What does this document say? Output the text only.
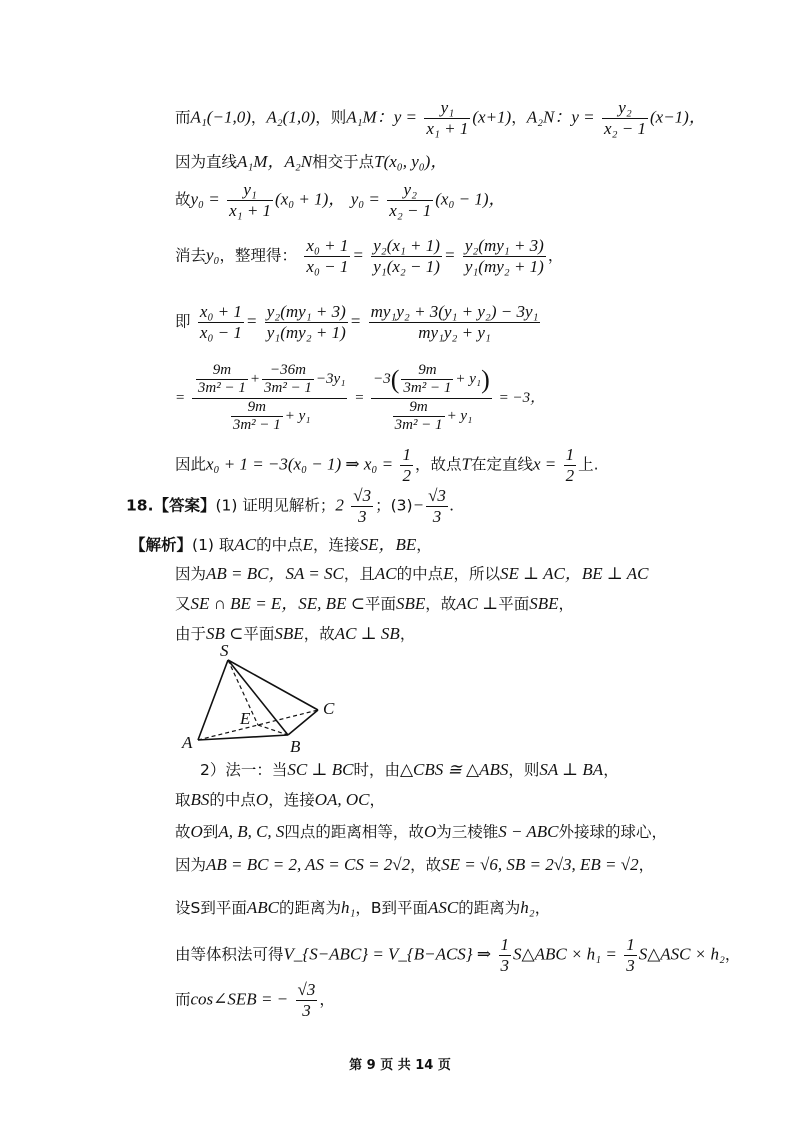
而A₁(−1,0)，A₂(1,0)，则A₁M：$y = \frac{\text{y₁}}{\text{x₁ + 1}} (x+1)$，A₂N：$y = \frac{\text{y₂}}{\text{x₂ − 1}} (x-1)$，
因为直线A₁M，A₂N相交于点T(x₀, y₀)，
故$y_0 = \frac{\text{y₁}}{\text{x₁ + 1}} (x_0 + 1)$， $y_0 = \frac{\text{y₂}}{\text{x₂ − 1}} (x_0 - 1)$，
消去y₀，整理得： $\frac{\text{x₀ + 1}}{\text{x₀ − 1}} = \frac{\text{y₂(x₁ + 1)}}{\text{y₁(x₂ − 1)}} = \frac{\text{y₂(my₁ + 3)}}{\text{y₁(my₂ + 1)}}$ ，
即 $\frac{\text{x₀ + 1}}{\text{x₀ − 1}} = \frac{\text{y₂(my₁ + 3)}}{\text{y₁(my₂ + 1)}} = \frac{\text{my₁y₂ + 3(y₁ + y₂) − 3y₁}}{\text{my₁y₂ + y₁}}$
= $\frac{\frac{9m}{\text{3m² − 1}} + \frac{-36m}{\text{3m² − 1}} -3y_1}{\frac{9m}{\text{3m² − 1}} + y_1} = \frac{-3( \frac{9m}{\text{3m² − 1}} + y_1)}{\frac{9m}{\text{3m² − 1}} + y_1} = -3$，
因此x₀ + 1 = −3(x₀ − 1) ⇒ $x_0 = \frac{1}{2}$ ，故点T在定直线$x = \frac{1}{2}$ 上.
18.【答案】(1) 证明见解析；$2 \frac{√3}{3}$ ；$(3)- \frac{√3}{3}$ .
【解析】(1) 取AC的中点E，连接SE，BE，
因为AB = BC，SA = SC，且AC的中点E，所以SE ⊥ AC，BE ⊥ AC
又SE ∩ BE = E，SE, BE ⊂平面SBE，故AC ⊥平面SBE，
由于SB ⊂平面SBE，故AC ⊥ SB，
S
E
C
A	B
2）法一：当SC ⊥ BC时，由△CBS ≅ △ABS，则SA ⊥ BA，
取BS的中点O，连接OA, OC，
故O到A, B, C, S四点的距离相等，故O为三棱锥S − ABC外接球的球心，
因为AB = BC = 2, AS = CS = 2√2，故SE = √6, SB = 2√3, EB = √2，
设S到平面ABC的距离为h₁，B到平面ASC的距离为h₂，
由等体积法可得V_{S−ABC} = V_{B−ACS} ⇒ $\frac{1}{3}$ S△ABC × $h_1 = \frac{1}{3}$ S△ASC × h₂，
而cos∠SEB = − $\frac{√3}{3}$ ，
第 9 页 共 14 页
